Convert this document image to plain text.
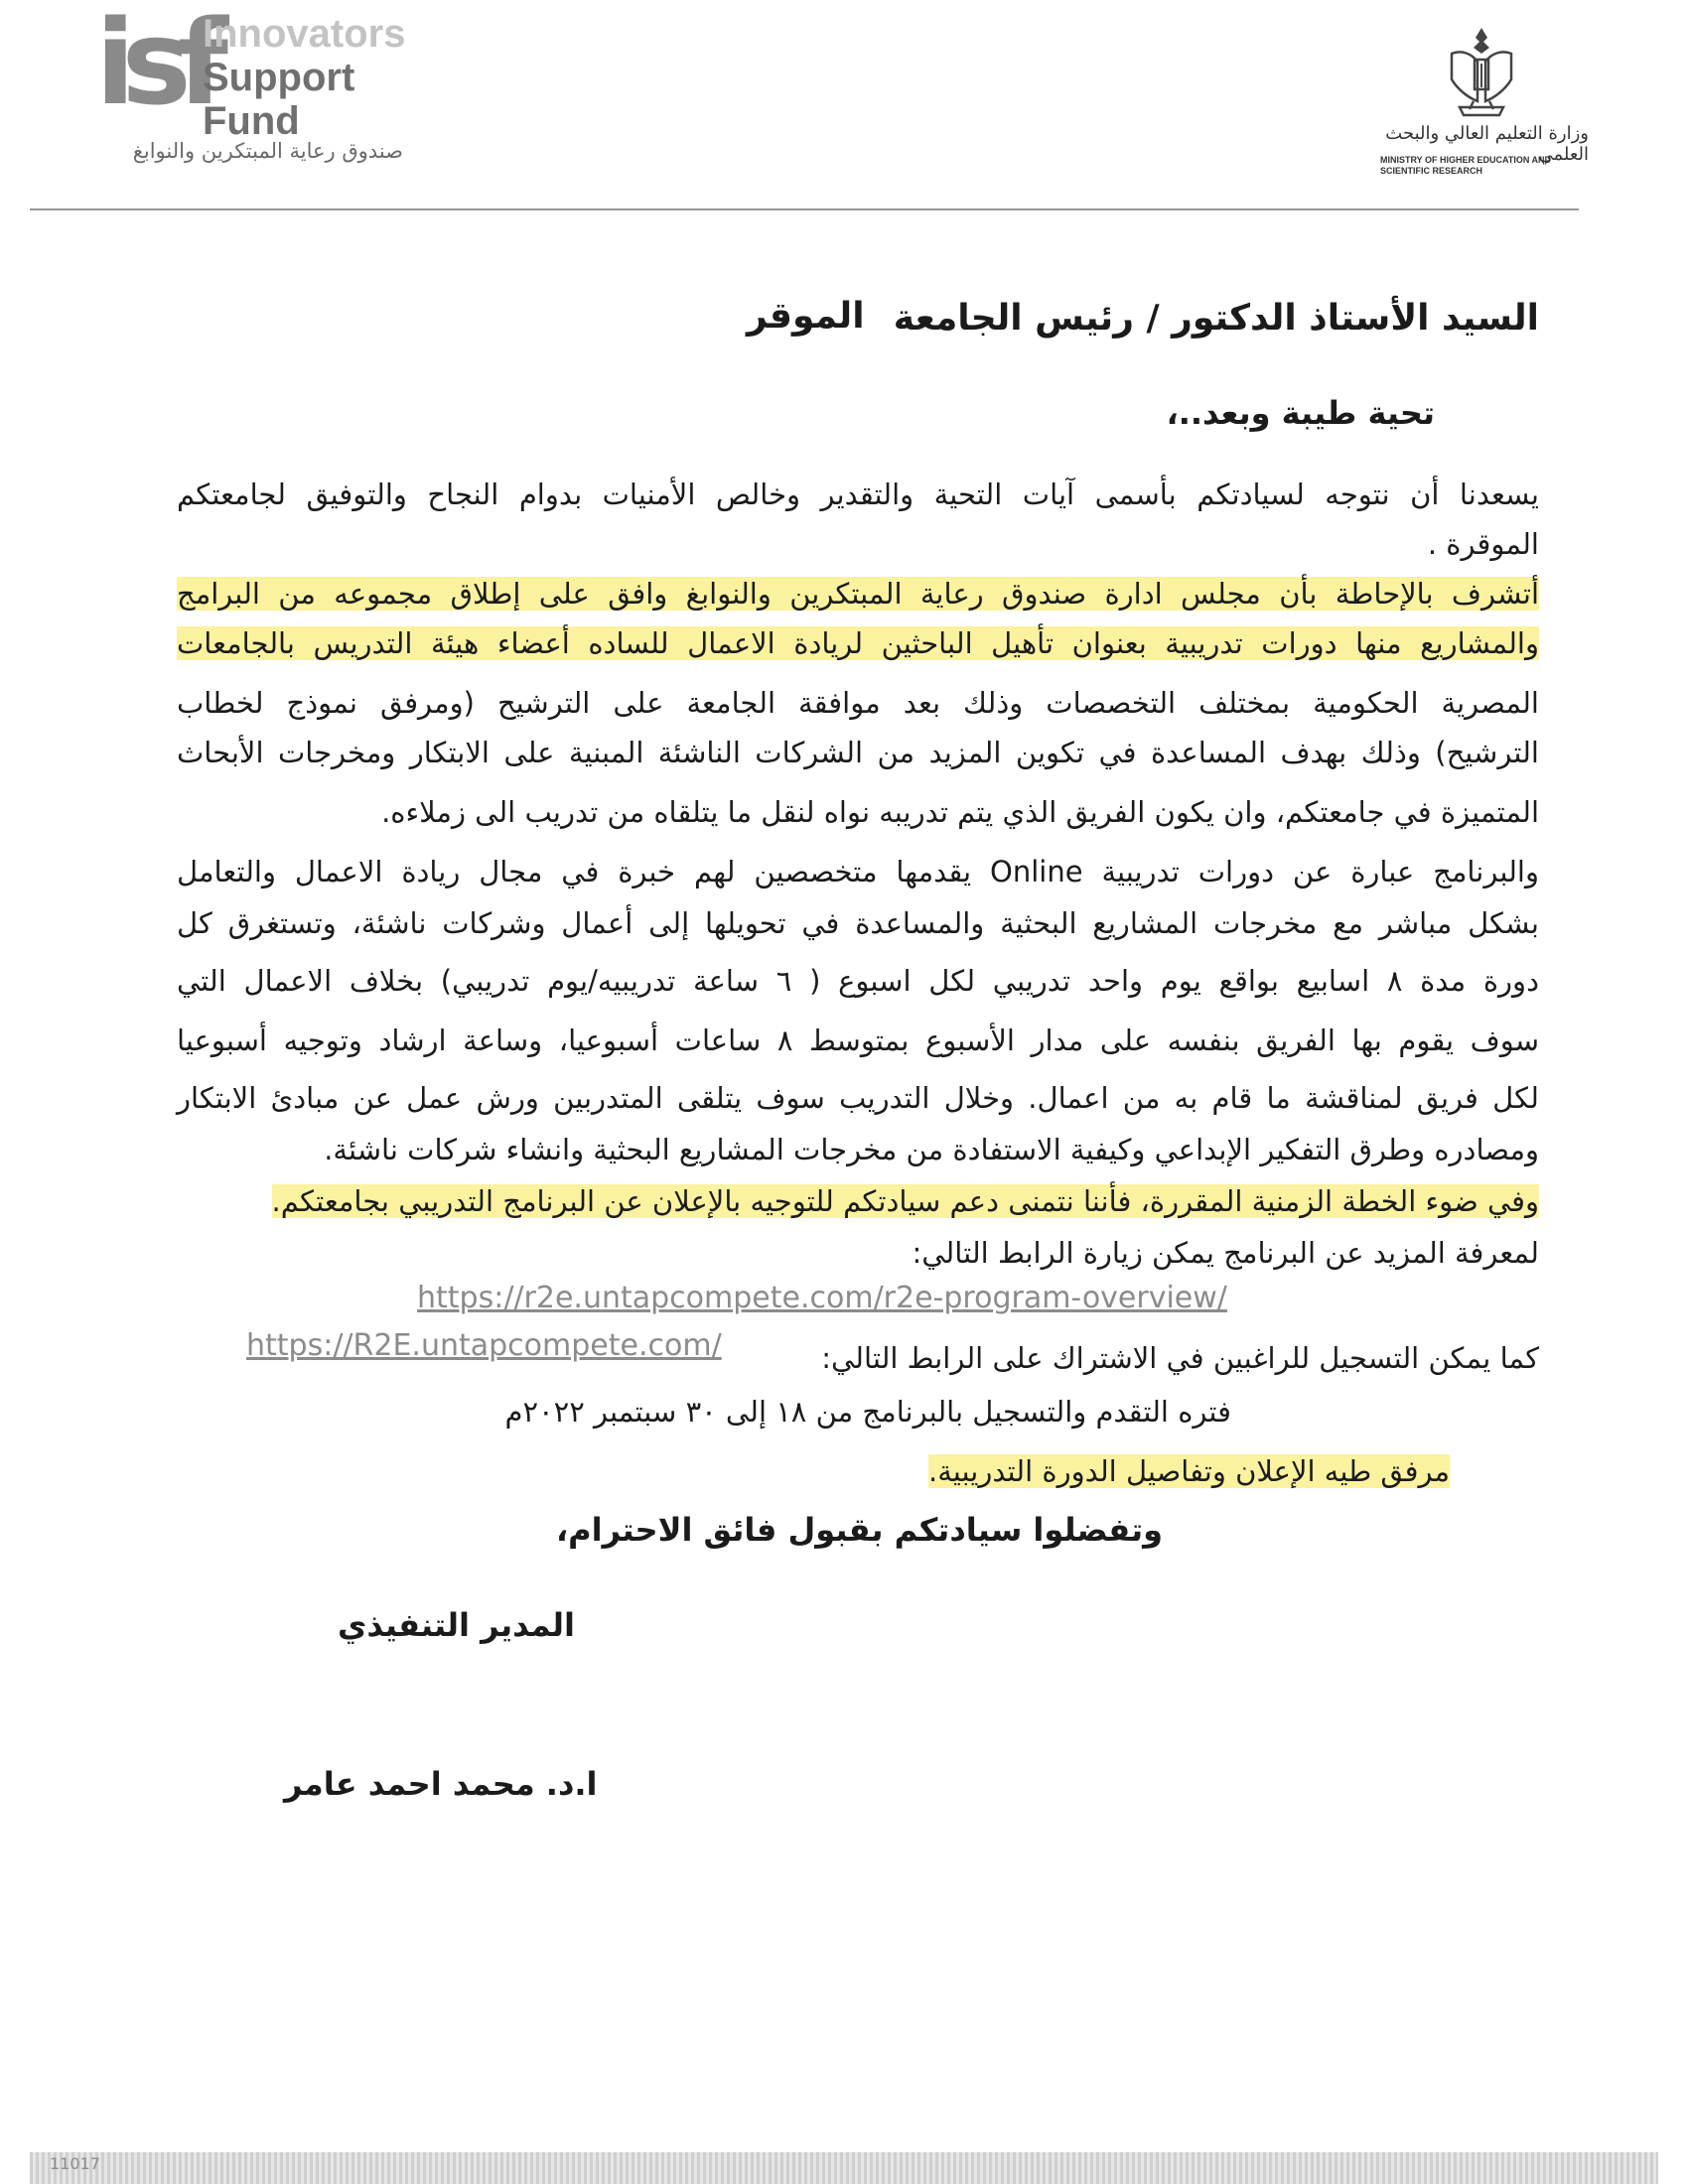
isf
Innovators
Support
Fund
صندوق رعاية المبتكرين والنوابغ
وزارة التعليم العالي والبحث العلمي
MINISTRY OF HIGHER EDUCATION AND SCIENTIFIC RESEARCH
السيد الأستاذ الدكتور / رئيس الجامعة
الموقر
تحية طيبة وبعد..،
يسعدنا أن نتوجه لسيادتكم بأسمى آيات التحية والتقدير وخالص الأمنيات بدوام النجاح والتوفيق لجامعتكم
الموقرة .
أتشرف بالإحاطة بأن مجلس ادارة صندوق رعاية المبتكرين والنوابغ وافق على إطلاق مجموعه من البرامج
والمشاريع منها دورات تدريبية بعنوان تأهيل الباحثين لريادة الاعمال للساده أعضاء هيئة التدريس بالجامعات
المصرية الحكومية بمختلف التخصصات وذلك بعد موافقة الجامعة على الترشيح (ومرفق نموذج لخطاب
الترشيح) وذلك بهدف المساعدة في تكوين المزيد من الشركات الناشئة المبنية على الابتكار ومخرجات الأبحاث
المتميزة في جامعتكم، وان يكون الفريق الذي يتم تدريبه نواه لنقل ما يتلقاه من تدريب الى زملاءه.
والبرنامج عبارة عن دورات تدريبية Online يقدمها متخصصين لهم خبرة في مجال ريادة الاعمال والتعامل
بشكل مباشر مع مخرجات المشاريع البحثية والمساعدة في تحويلها إلى أعمال وشركات ناشئة، وتستغرق كل
دورة مدة ٨ اسابيع بواقع يوم واحد تدريبي لكل اسبوع ( ٦ ساعة تدريبيه/يوم تدريبي) بخلاف الاعمال التي
سوف يقوم بها الفريق بنفسه على مدار الأسبوع بمتوسط ٨ ساعات أسبوعيا، وساعة ارشاد وتوجيه أسبوعيا
لكل فريق لمناقشة ما قام به من اعمال. وخلال التدريب سوف يتلقى المتدربين ورش عمل عن مبادئ الابتكار
ومصادره وطرق التفكير الإبداعي وكيفية الاستفادة من مخرجات المشاريع البحثية وانشاء شركات ناشئة.
وفي ضوء الخطة الزمنية المقررة، فأننا نتمنى دعم سيادتكم للتوجيه بالإعلان عن البرنامج التدريبي بجامعتكم.
لمعرفة المزيد عن البرنامج يمكن زيارة الرابط التالي:
https://r2e.untapcompete.com/r2e-program-overview/
كما يمكن التسجيل للراغبين في الاشتراك على الرابط التالي:
https://R2E.untapcompete.com/
فتره التقدم والتسجيل بالبرنامج من ١٨ إلى ٣٠ سبتمبر ٢٠٢٢م
مرفق طيه الإعلان وتفاصيل الدورة التدريبية.
وتفضلوا سيادتكم بقبول فائق الاحترام،
المدير التنفيذي
ا.د. محمد احمد عامر
11017
